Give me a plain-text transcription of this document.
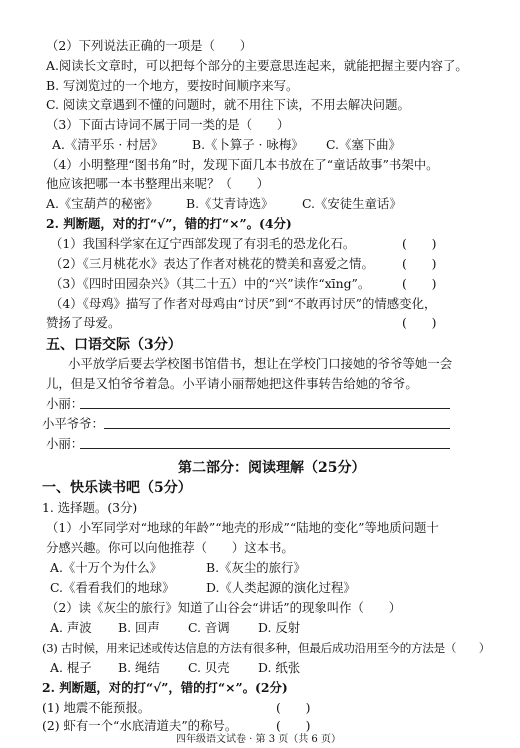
（2）下列说法正确的一项是（　　）
A.阅读长文章时，可以把每个部分的主要意思连起来，就能把握主要内容了。
B. 写浏览过的一个地方，要按时间顺序来写。
C. 阅读文章遇到不懂的问题时，就不用往下读，不用去解决问题。
（3）下面古诗词不属于同一类的是（　　）
A.《清平乐 · 村居》 B.《卜算子 · 咏梅》 C.《塞下曲》
（4）小明整理“图书角”时，发现下面几本书放在了“童话故事”书架中。
他应该把哪一本书整理出来呢？（　　）
A.《宝葫芦的秘密》 B.《艾青诗选》 C.《安徒生童话》
2. 判断题，对的打“√”，错的打“×”。(4分)
（1）我国科学家在辽宁西部发现了有羽毛的恐龙化石。	(　　)
（2）《三月桃花水》表达了作者对桃花的赞美和喜爱之情。 (　　)
（3）《四时田园杂兴》（其二十五）中的“兴”读作“xīng”。	(　　)
（4）《母鸡》描写了作者对母鸡由“讨厌”到“不敢再讨厌”的情感变化，
赞扬了母爱。	(　　)
五、口语交际（3分）
小平放学后要去学校图书馆借书，想让在学校门口接她的爷爷等她一会
儿，但是又怕爷爷着急。小平请小丽帮她把这件事转告给她的爷爷。
小丽：
小平爷爷：
小丽：
第二部分：阅读理解（25分）
一、快乐读书吧（5分）
1. 选择题。(3分)
（1）小军同学对“地球的年龄”“地壳的形成”“陆地的变化”等地质问题十
分感兴趣。你可以向他推荐（　　）这本书。
A.《十万个为什么》	B.《灰尘的旅行》
C.《看看我们的地球》	D.《人类起源的演化过程》
（2）读《灰尘的旅行》知道了山谷会“讲话”的现象叫作（　　）
A. 声波 B. 回声 C. 音调 D. 反射
(3) 古时候，用来记述或传达信息的方法有很多种，但最后成功沿用至今的方法是（　　）
A. 棍子 B. 绳结 C. 贝壳 D. 纸张
2. 判断题，对的打“√”，错的打“×”。(2分)
(1) 地震不能预报。	(　　)
(2) 虾有一个“水底清道夫”的称号。	(　　)
四年级语文试卷 · 第 3 页（共 6 页）
